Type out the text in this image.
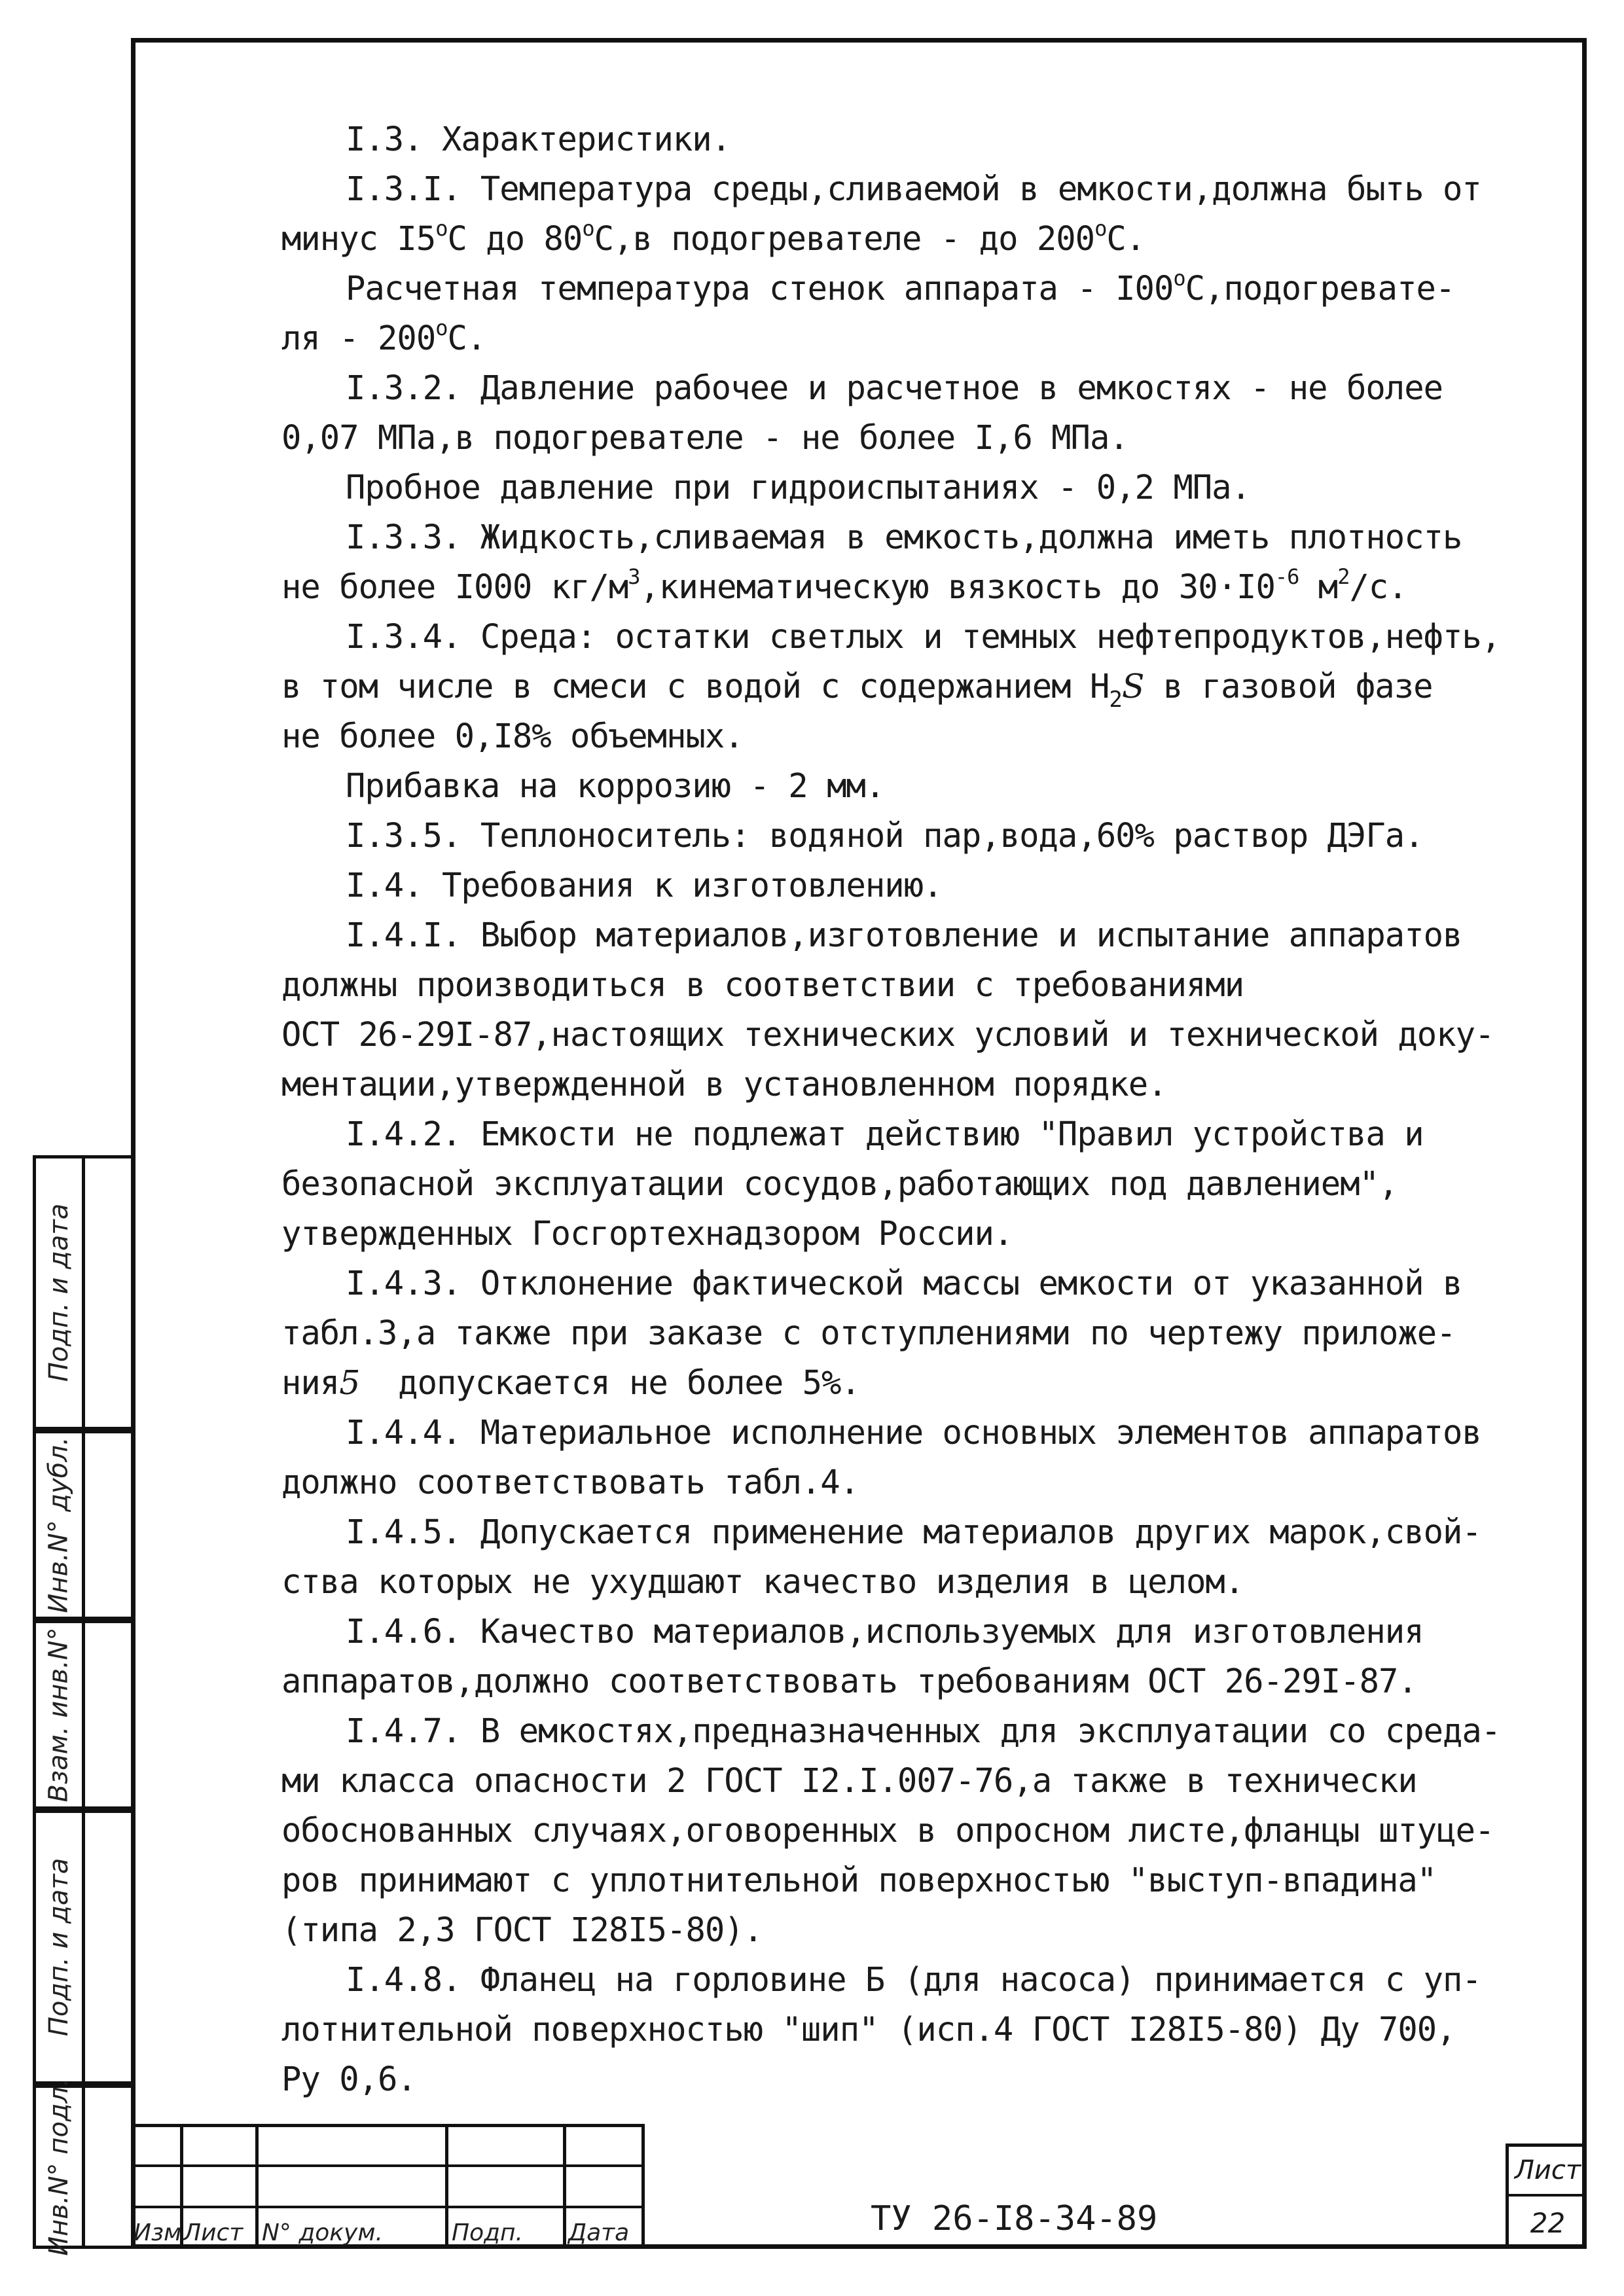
I.3. Характеристики.
I.3.I. Температура среды,сливаемой в емкости,должна быть от
минус I5$^o$C до 80$^o$C,в подогревателе - до 200$^o$C.
Расчетная температура стенок аппарата - I00$^o$C,подогревате-
ля - 200$^o$C.
I.3.2. Давление рабочее и расчетное в емкостях - не более
0,07 МПа,в подогревателе - не более I,6 МПа.
Пробное давление при гидроиспытаниях - 0,2 МПа.
I.3.3. Жидкость,сливаемая в емкость,должна иметь плотность
не более I000 $кг/м^3,кинематическую$ вязкость до $30\cdot I0^{-6}$ $м^2/с$.
I.3.4. Среда: остатки светлых и темных нефтепродуктов,нефть,
в том числе в смеси с водой с содержанием $H_2S$ в газовой фазе
не более 0,I8% объемных.
Прибавка на коррозию - 2 мм.
I.3.5. Теплоноситель: водяной пар,вода,60% раствор ДЭГа.
I.4. Требования к изготовлению.
I.4.I. Выбор материалов,изготовление и испытание аппаратов
должны производиться в соответствии с требованиями
ОСТ 26-29I-87,настоящих технических условий и технической доку-
ментации,утвержденной в установленном порядке.
I.4.2. Емкости не подлежат действию "Правил устройства и
безопасной эксплуатации сосудов,работающих под давлением",
утвержденных Госгортехнадзором России.
I.4.3. Отклонение фактической массы емкости от указанной в
табл.3,а также при заказе с отступлениями по чертежу приложе-
ния5  допускается не более 5%.
I.4.4. Материальное исполнение основных элементов аппаратов
должно соответствовать табл.4.
I.4.5. Допускается применение материалов других марок,свой-
ства которых не ухудшают качество изделия в целом.
I.4.6. Качество материалов,используемых для изготовления
аппаратов,должно соответствовать требованиям ОСТ 26-29I-87.
I.4.7. В емкостях,предназначенных для эксплуатации со среда-
ми класса опасности 2 ГОСТ I2.I.007-76,а также в технически
обоснованных случаях,оговоренных в опросном листе,фланцы штуце-
ров принимают с уплотнительной поверхностью "выступ-впадина"
(типа 2,3 ГОСТ I28I5-80).
I.4.8. Фланец на горловине Б (для насоса) принимается с уп-
лотнительной поверхностью "шип" (исп.4 ГОСТ I28I5-80) Ду 700,
Ру 0,6.
Подп. и дата
Инв.N° дубл.
Взам. инв.N°
Подп. и дата
Инв.N° подл.	Изм Лист N° докум.	Подп. Дата	ТУ 26-I8-34-89
Лист
22
